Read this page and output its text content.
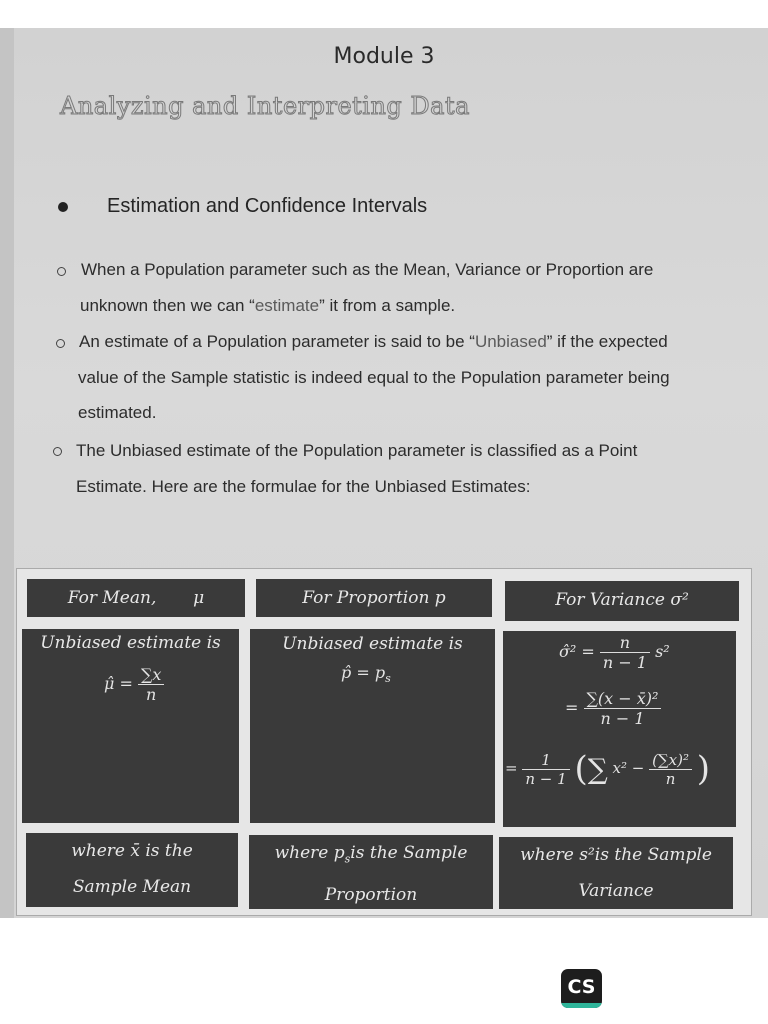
Module 3
Analyzing and Interpreting Data
Estimation and Confidence Intervals
When a Population parameter such as the Mean, Variance or Proportion are
unknown then we can “estimate” it from a sample.
An estimate of a Population parameter is said to be “Unbiased” if the expected
value of the Sample statistic is indeed equal to the Population parameter being
estimated.
The Unbiased estimate of the Population parameter is classified as a Point
Estimate. Here are the formulae for the Unbiased Estimates:
For Mean, μ	For Proportion p	For Variance σ²
Unbiased estimate is
μ̂ = $\frac{\sum x}{n}$
Unbiased estimate is
p̂ = $p_s$
σ̂² = $\frac{n}{n - 1} s^2$
= $\frac{\text{∑(x − x̄)²}}{n - 1}$
= $\frac{1}{n - 1}$ (∑ $x^2 - \frac{\text{(∑x)²}}{n}$ )
where x̄ is the
Sample Mean
where $p_sis$ the Sample
Proportion
where s²is the Sample
Variance
CS
